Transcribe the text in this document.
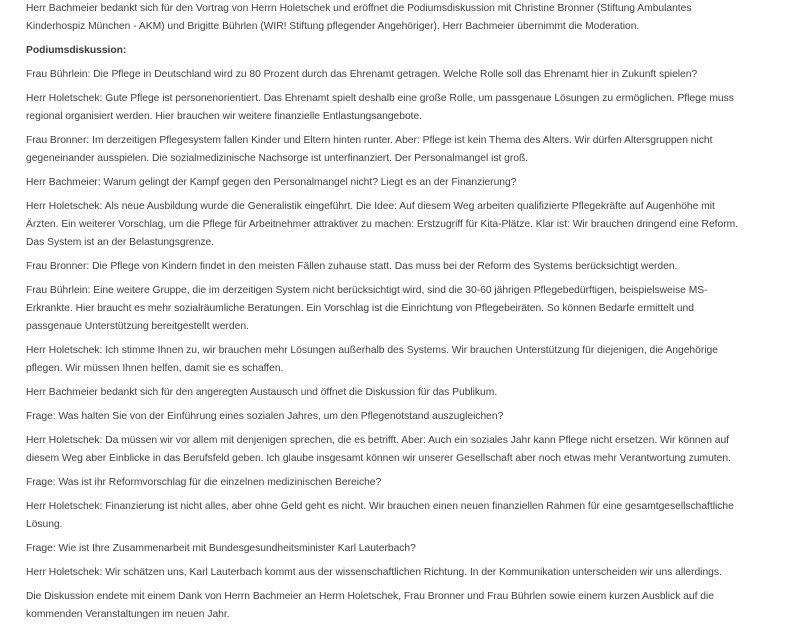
Herr Bachmeier bedankt sich für den Vortrag von Herrn Holetschek und eröffnet die Podiumsdiskussion mit Christine Bronner (Stiftung Ambulantes Kinderhospiz München - AKM) und Brigitte Bührlen (WIR! Stiftung pflegender Angehöriger). Herr Bachmeier übernimmt die Moderation.

Podiumsdiskussion:

Frau Bührlein: Die Pflege in Deutschland wird zu 80 Prozent durch das Ehrenamt getragen. Welche Rolle soll das Ehrenamt hier in Zukunft spielen?

Herr Holetschek: Gute Pflege ist personenorientiert. Das Ehrenamt spielt deshalb eine große Rolle, um passgenaue Lösungen zu ermöglichen. Pflege muss regional organisiert werden. Hier brauchen wir weitere finanzielle Entlastungsangebote.

Frau Bronner: Im derzeitigen Pflegesystem fallen Kinder und Eltern hinten runter. Aber: Pflege ist kein Thema des Alters. Wir dürfen Altersgruppen nicht gegeneinander ausspielen. Die sozialmedizinische Nachsorge ist unterfinanziert. Der Personalmangel ist groß.

Herr Bachmeier: Warum gelingt der Kampf gegen den Personalmangel nicht? Liegt es an der Finanzierung?

Herr Holetschek: Als neue Ausbildung wurde die Generalistik eingeführt. Die Idee: Auf diesem Weg arbeiten qualifizierte Pflegekräfte auf Augenhöhe mit Ärzten. Ein weiterer Vorschlag, um die Pflege für Arbeitnehmer attraktiver zu machen: Erstzugriff für Kita-Plätze. Klar ist: Wir brauchen dringend eine Reform. Das System ist an der Belastungsgrenze.

Frau Bronner: Die Pflege von Kindern findet in den meisten Fällen zuhause statt. Das muss bei der Reform des Systems berücksichtigt werden.

Frau Bührlein: Eine weitere Gruppe, die im derzeitigen System nicht berücksichtigt wird, sind die 30-60 jährigen Pflegebedürftigen, beispielsweise MS-Erkrankte. Hier braucht es mehr sozialräumliche Beratungen. Ein Vorschlag ist die Einrichtung von Pflegebeiräten. So können Bedarfe ermittelt und passgenaue Unterstützung bereitgestellt werden.

Herr Holetschek: Ich stimme Ihnen zu, wir brauchen mehr Lösungen außerhalb des Systems. Wir brauchen Unterstützung für diejenigen, die Angehörige pflegen. Wir müssen Ihnen helfen, damit sie es schaffen.

Herr Bachmeier bedankt sich für den angeregten Austausch und öffnet die Diskussion für das Publikum.

Frage: Was halten Sie von der Einführung eines sozialen Jahres, um den Pflegenotstand auszugleichen?

Herr Holetschek: Da müssen wir vor allem mit denjenigen sprechen, die es betrifft. Aber: Auch ein soziales Jahr kann Pflege nicht ersetzen. Wir können auf diesem Weg aber Einblicke in das Berufsfeld geben. Ich glaube insgesamt können wir unserer Gesellschaft aber noch etwas mehr Verantwortung zumuten.

Frage: Was ist ihr Reformvorschlag für die einzelnen medizinischen Bereiche?

Herr Holetschek: Finanzierung ist nicht alles, aber ohne Geld geht es nicht. Wir brauchen einen neuen finanziellen Rahmen für eine gesamtgesellschaftliche Lösung.

Frage: Wie ist Ihre Zusammenarbeit mit Bundesgesundheitsminister Karl Lauterbach?

Herr Holetschek: Wir schätzen uns, Karl Lauterbach kommt aus der wissenschaftlichen Richtung. In der Kommunikation unterscheiden wir uns allerdings.

Die Diskussion endete mit einem Dank von Herrn Bachmeier an Herrn Holetschek, Frau Bronner und Frau Bührlen sowie einem kurzen Ausblick auf die kommenden Veranstaltungen im neuen Jahr.
